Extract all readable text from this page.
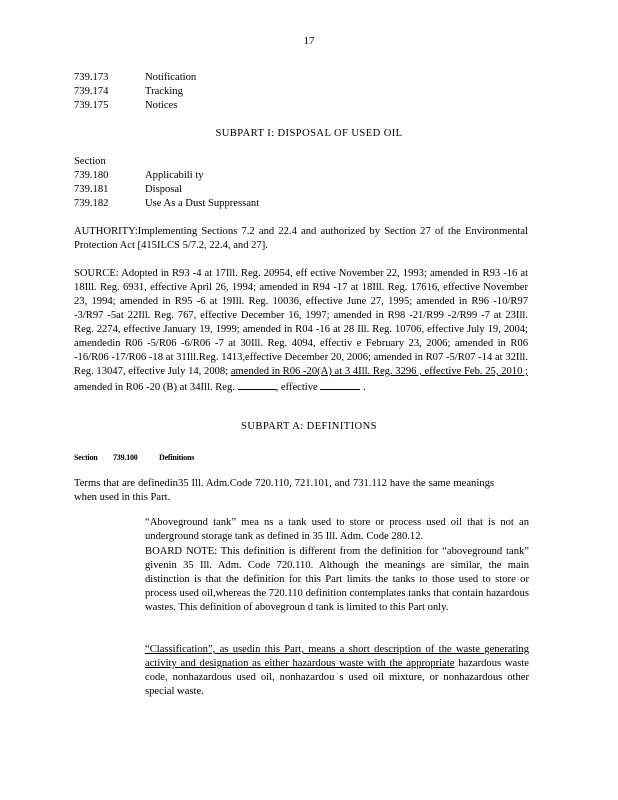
17
739.173	Notification
739.174	Tracking
739.175	Notices
SUBPART I: DISPOSAL OF USED OIL
Section
739.180	Applicabili ty
739.181	Disposal
739.182	Use As a Dust Suppressant
AUTHORITY:Implementing Sections 7.2 and 22.4 and authorized by Section 27 of the Environmental Protection Act [415ILCS 5/7.2, 22.4, and 27].
SOURCE: Adopted in R93 -4 at 17Ill. Reg. 20954, eff ective November 22, 1993; amended in R93 -16 at 18Ill. Reg. 6931, effective April 26, 1994; amended in R94 -17 at 18Ill. Reg. 17616, effective November 23, 1994; amended in R95 -6 at 19Ill. Reg. 10036, effective June 27, 1995; amended in R96 -10/R97 -3/R97 -5at 22Ill. Reg. 767, effective December 16, 1997; amended in R98 -21/R99 -2/R99 -7 at 23Ill. Reg. 2274, effective January 19, 1999; amended in R04 -16 at 28 Ill. Reg. 10706, effective July 19, 2004; amendedin R06 -5/R06 -6/R06 -7 at 30Ill. Reg. 4094, effectiv e February 23, 2006; amended in R06 -16/R06 -17/R06 -18 at 31Ill.Reg. 1413,effective December 20, 2006; amended in R07 -5/R07 -14 at 32Ill. Reg. 13047, effective July 14, 2008; amended in R06 -20(A) at 3 4Ill. Reg. 3296 , effective Feb. 25, 2010 ; amended in R06 -20 (B) at 34Ill. Reg.	, effective	.
SUBPART A: DEFINITIONS
Section 739.100	Definitions
Terms that are definedin35 Ill. Adm.Code 720.110, 721.101, and 731.112 have the same meanings when used in this Part.
“Aboveground tank” mea ns a tank used to store or process used oil that is not an underground storage tank as defined in 35 Ill. Adm. Code 280.12.
BOARD NOTE: This definition is different from the definition for “aboveground tank” givenin 35 Ill. Adm. Code 720.110. Although the meanings are similar, the main distinction is that the definition for this Part limits the tanks to those used to store or process used oil,whereas the 720.110 definition contemplates tanks that contain hazardous wastes. This definition of abovegroun d tank is limited to this Part only.
“Classification”, as usedin this Part, means a short description of the waste generating activity and designation as either hazardous waste with the appropriate hazardous waste code, nonhazardous used oil, nonhazardou s used oil mixture, or nonhazardous other special waste.
